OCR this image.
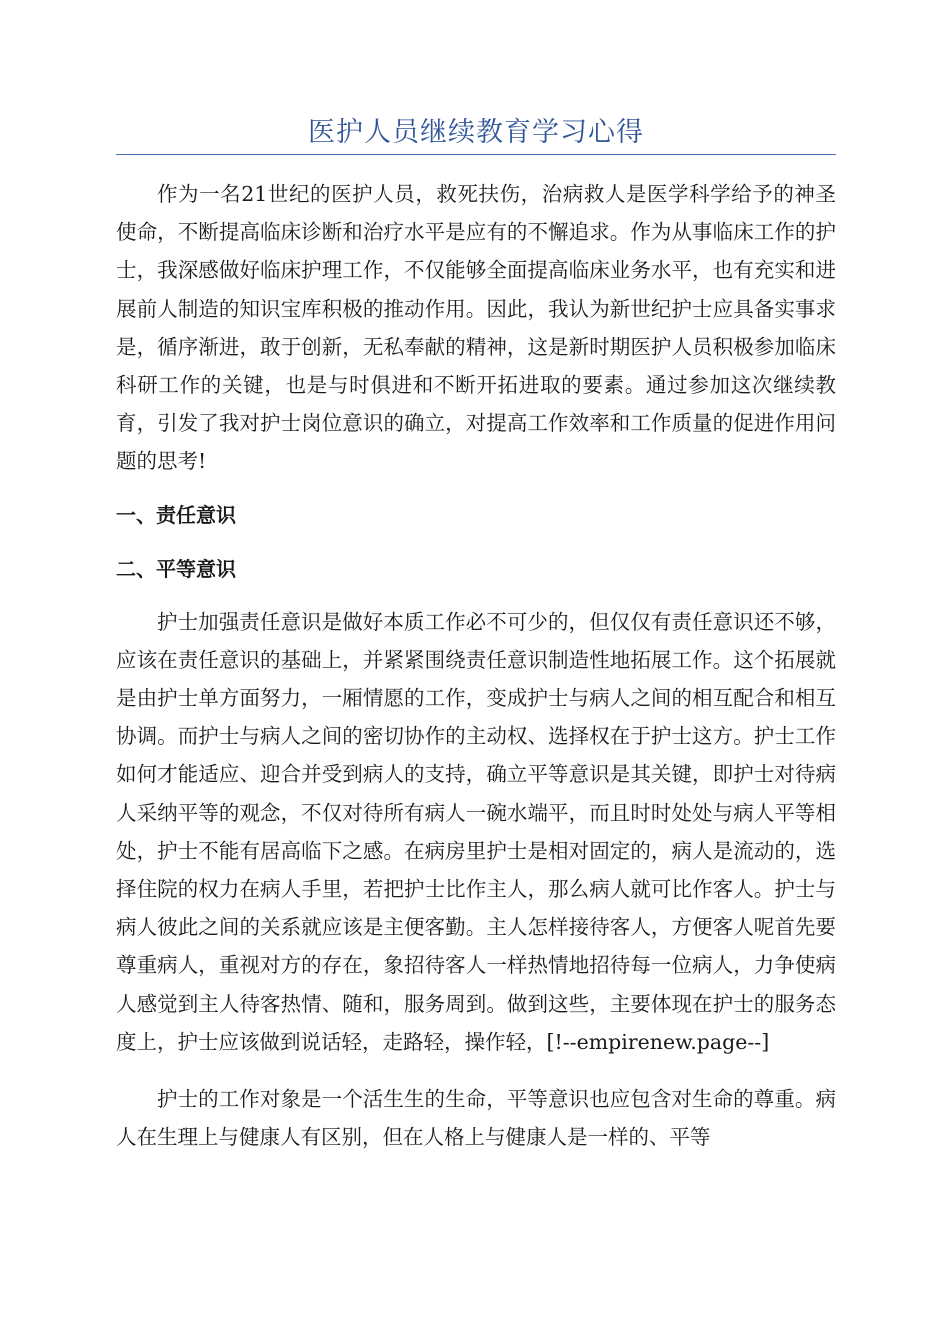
医护人员继续教育学习心得

作为一名21世纪的医护人员，救死扶伤，治病救人是医学科学给予的神圣使命，不断提高临床诊断和治疗水平是应有的不懈追求。作为从事临床工作的护士，我深感做好临床护理工作，不仅能够全面提高临床业务水平，也有充实和进展前人制造的知识宝库积极的推动作用。因此，我认为新世纪护士应具备实事求是，循序渐进，敢于创新，无私奉献的精神，这是新时期医护人员积极参加临床科研工作的关键，也是与时俱进和不断开拓进取的要素。通过参加这次继续教育，引发了我对护士岗位意识的确立，对提高工作效率和工作质量的促进作用问题的思考!

一、责任意识

二、平等意识

护士加强责任意识是做好本质工作必不可少的，但仅仅有责任意识还不够，应该在责任意识的基础上，并紧紧围绕责任意识制造性地拓展工作。这个拓展就是由护士单方面努力，一厢情愿的工作，变成护士与病人之间的相互配合和相互协调。而护士与病人之间的密切协作的主动权、选择权在于护士这方。护士工作如何才能适应、迎合并受到病人的支持，确立平等意识是其关键，即护士对待病人采纳平等的观念，不仅对待所有病人一碗水端平，而且时时处处与病人平等相处，护士不能有居高临下之感。在病房里护士是相对固定的，病人是流动的，选择住院的权力在病人手里，若把护士比作主人，那么病人就可比作客人。护士与病人彼此之间的关系就应该是主便客勤。主人怎样接待客人，方便客人呢首先要尊重病人，重视对方的存在，象招待客人一样热情地招待每一位病人，力争使病人感觉到主人待客热情、随和，服务周到。做到这些，主要体现在护士的服务态度上，护士应该做到说话轻，走路轻，操作轻，[!--empirenew.page--]

护士的工作对象是一个活生生的生命，平等意识也应包含对生命的尊重。病人在生理上与健康人有区别，但在人格上与健康人是一样的、平等
